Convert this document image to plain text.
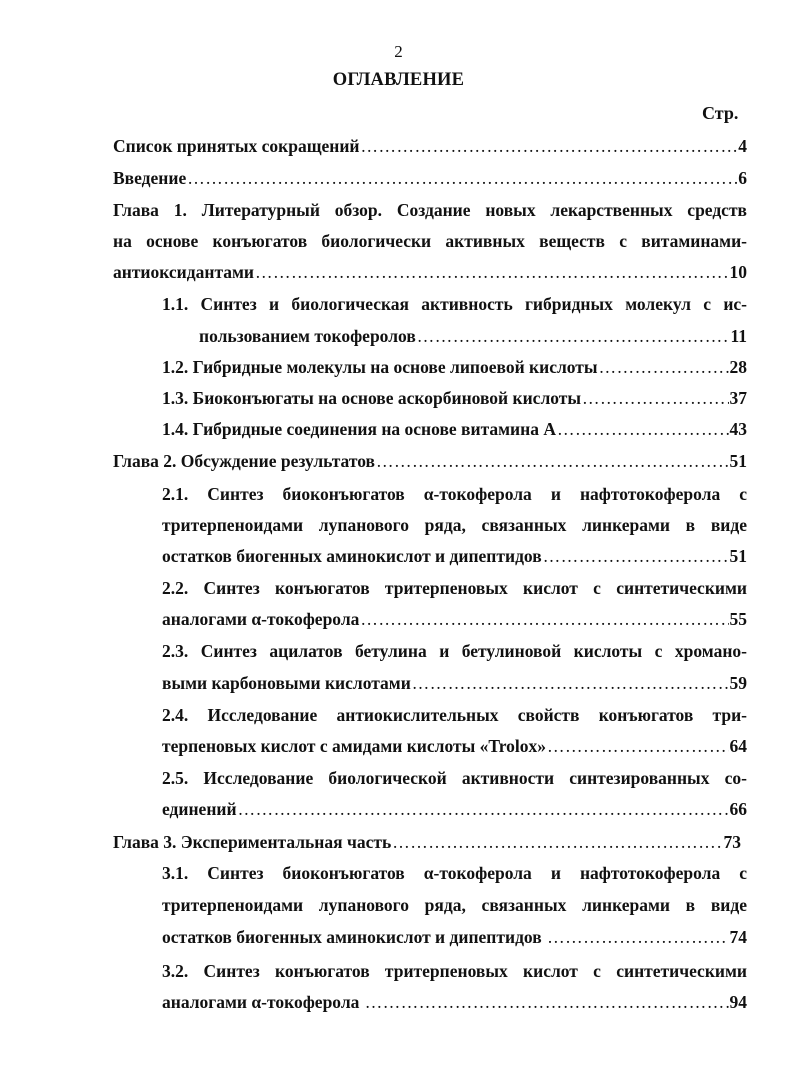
2
ОГЛАВЛЕНИЕ
Стр.
Список принятых сокращений ……………………………………………………………………………………………………………………………………………………………………………………………………	4
Введение ……………………………………………………………………………………………………………………………………………………………………………………………………	6
Глава 1. Литературный обзор. Создание новых лекарственных средств
на основе конъюгатов биологически активных веществ с витаминами-
антиоксидантами ……………………………………………………………………………………………………………………………………………………………………………………………………	10
1.1. Синтез и биологическая активность гибридных молекул с ис-
пользованием токоферолов ……………………………………………………………………………………………………………………………………………………………………………………………………	11
1.2. Гибридные молекулы на основе липоевой кислоты ……………………………………………………………………………………………………………………………………………………………………………………………………	28
1.3. Биоконъюгаты на основе аскорбиновой кислоты ……………………………………………………………………………………………………………………………………………………………………………………………………	37
1.4. Гибридные соединения на основе витамина А ……………………………………………………………………………………………………………………………………………………………………………………………………	43
Глава 2. Обсуждение результатов ……………………………………………………………………………………………………………………………………………………………………………………………………	51
2.1. Синтез биоконъюгатов α-токоферола и нафтотокоферола с
тритерпеноидами лупанового ряда, связанных линкерами в виде
остатков биогенных аминокислот и дипептидов ……………………………………………………………………………………………………………………………………………………………………………………………………	51
2.2. Синтез конъюгатов тритерпеновых кислот с синтетическими
аналогами α-токоферола ……………………………………………………………………………………………………………………………………………………………………………………………………	55
2.3. Синтез ацилатов бетулина и бетулиновой кислоты с хромано-
выми карбоновыми кислотами ……………………………………………………………………………………………………………………………………………………………………………………………………	59
2.4. Исследование антиокислительных свойств конъюгатов три-
терпеновых кислот с амидами кислоты «Trolox» ……………………………………………………………………………………………………………………………………………………………………………………………………	64
2.5. Исследование биологической активности синтезированных со-
единений ……………………………………………………………………………………………………………………………………………………………………………………………………	66
Глава 3. Экспериментальная часть ……………………………………………………………………………………………………………………………………………………………………………………………………	73
3.1. Синтез биоконъюгатов α-токоферола и нафтотокоферола с
тритерпеноидами лупанового ряда, связанных линкерами в виде
остатков биогенных аминокислот и дипептидов ……………………………………………………………………………………………………………………………………………………………………………………………………	74
3.2. Синтез конъюгатов тритерпеновых кислот с синтетическими
аналогами α-токоферола ……………………………………………………………………………………………………………………………………………………………………………………………………	94
